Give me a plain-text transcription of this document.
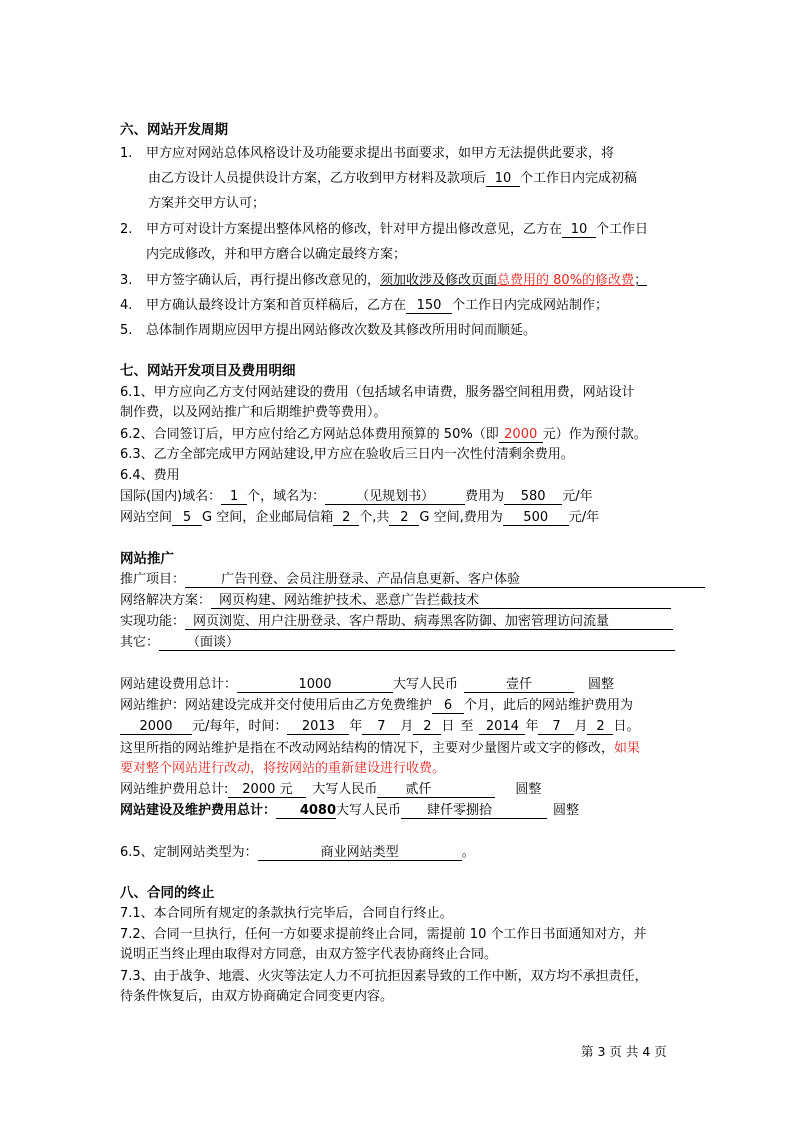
六、网站开发周期
1. 甲方应对网站总体风格设计及功能要求提出书面要求，如甲方无法提供此要求，将
由乙方设计人员提供设计方案，乙方收到甲方材料及款项后 10 个工作日内完成初稿
方案并交甲方认可；
2. 甲方可对设计方案提出整体风格的修改，针对甲方提出修改意见，乙方在 10 个工作日
内完成修改，并和甲方磨合以确定最终方案；
3. 甲方签字确认后，再行提出修改意见的，须加收涉及修改页面总费用的 80%的修改费；
4. 甲方确认最终设计方案和首页样稿后，乙方在 150 个工作日内完成网站制作；
5. 总体制作周期应因甲方提出网站修改次数及其修改所用时间而顺延。
七、网站开发项目及费用明细
6.1、甲方应向乙方支付网站建设的费用（包括域名申请费，服务器空间租用费，网站设计
制作费，以及网站推广和后期维护费等费用）。
6.2、合同签订后，甲方应付给乙方网站总体费用预算的 50%（即 2000 元）作为预付款。
6.3、乙方全部完成甲方网站建设,甲方应在验收后三日内一次性付清剩余费用。
6.4、费用
国际(国内)域名： 1 个，域名为： （见规划书） 费用为 580 元/年
网站空间 5 G 空间，企业邮局信箱 2 个,共 2 G 空间,费用为 500 元/年
网站推广
推广项目：	广告刊登、会员注册登录、产品信息更新、客户体验
网络解决方案： 网页构建、网站维护技术、恶意广告拦截技术
实现功能： 网页浏览、用户注册登录、客户帮助、病毒黑客防御、加密管理访问流量
其它： （面谈）
网站建设费用总计：	1000	大写人民币	壹仟	圆整
网站维护：网站建设完成并交付使用后由乙方免费维护 6 个月，此后的网站维护费用为
2000 元/每年，时间： 2013 年 7 月 2 日 至 2014 年 7 月 2 日。
这里所指的网站维护是指在不改动网站结构的情况下，主要对少量图片或文字的修改，如果
要对整个网站进行改动，将按网站的重新建设进行收费。
网站维护费用总计: 2000 元 大写人民币 贰仟	圆整
网站建设及维护费用总计： 4080大写人民币 肆仟零捌拾	圆整
6.5、定制网站类型为：	商业网站类型	。
八、合同的终止
7.1、本合同所有规定的条款执行完毕后，合同自行终止。
7.2、合同一旦执行，任何一方如要求提前终止合同，需提前 10 个工作日书面通知对方，并
说明正当终止理由取得对方同意，由双方签字代表协商终止合同。
7.3、由于战争、地震、火灾等法定人力不可抗拒因素导致的工作中断，双方均不承担责任，
待条件恢复后，由双方协商确定合同变更内容。
第 3 页 共 4 页
